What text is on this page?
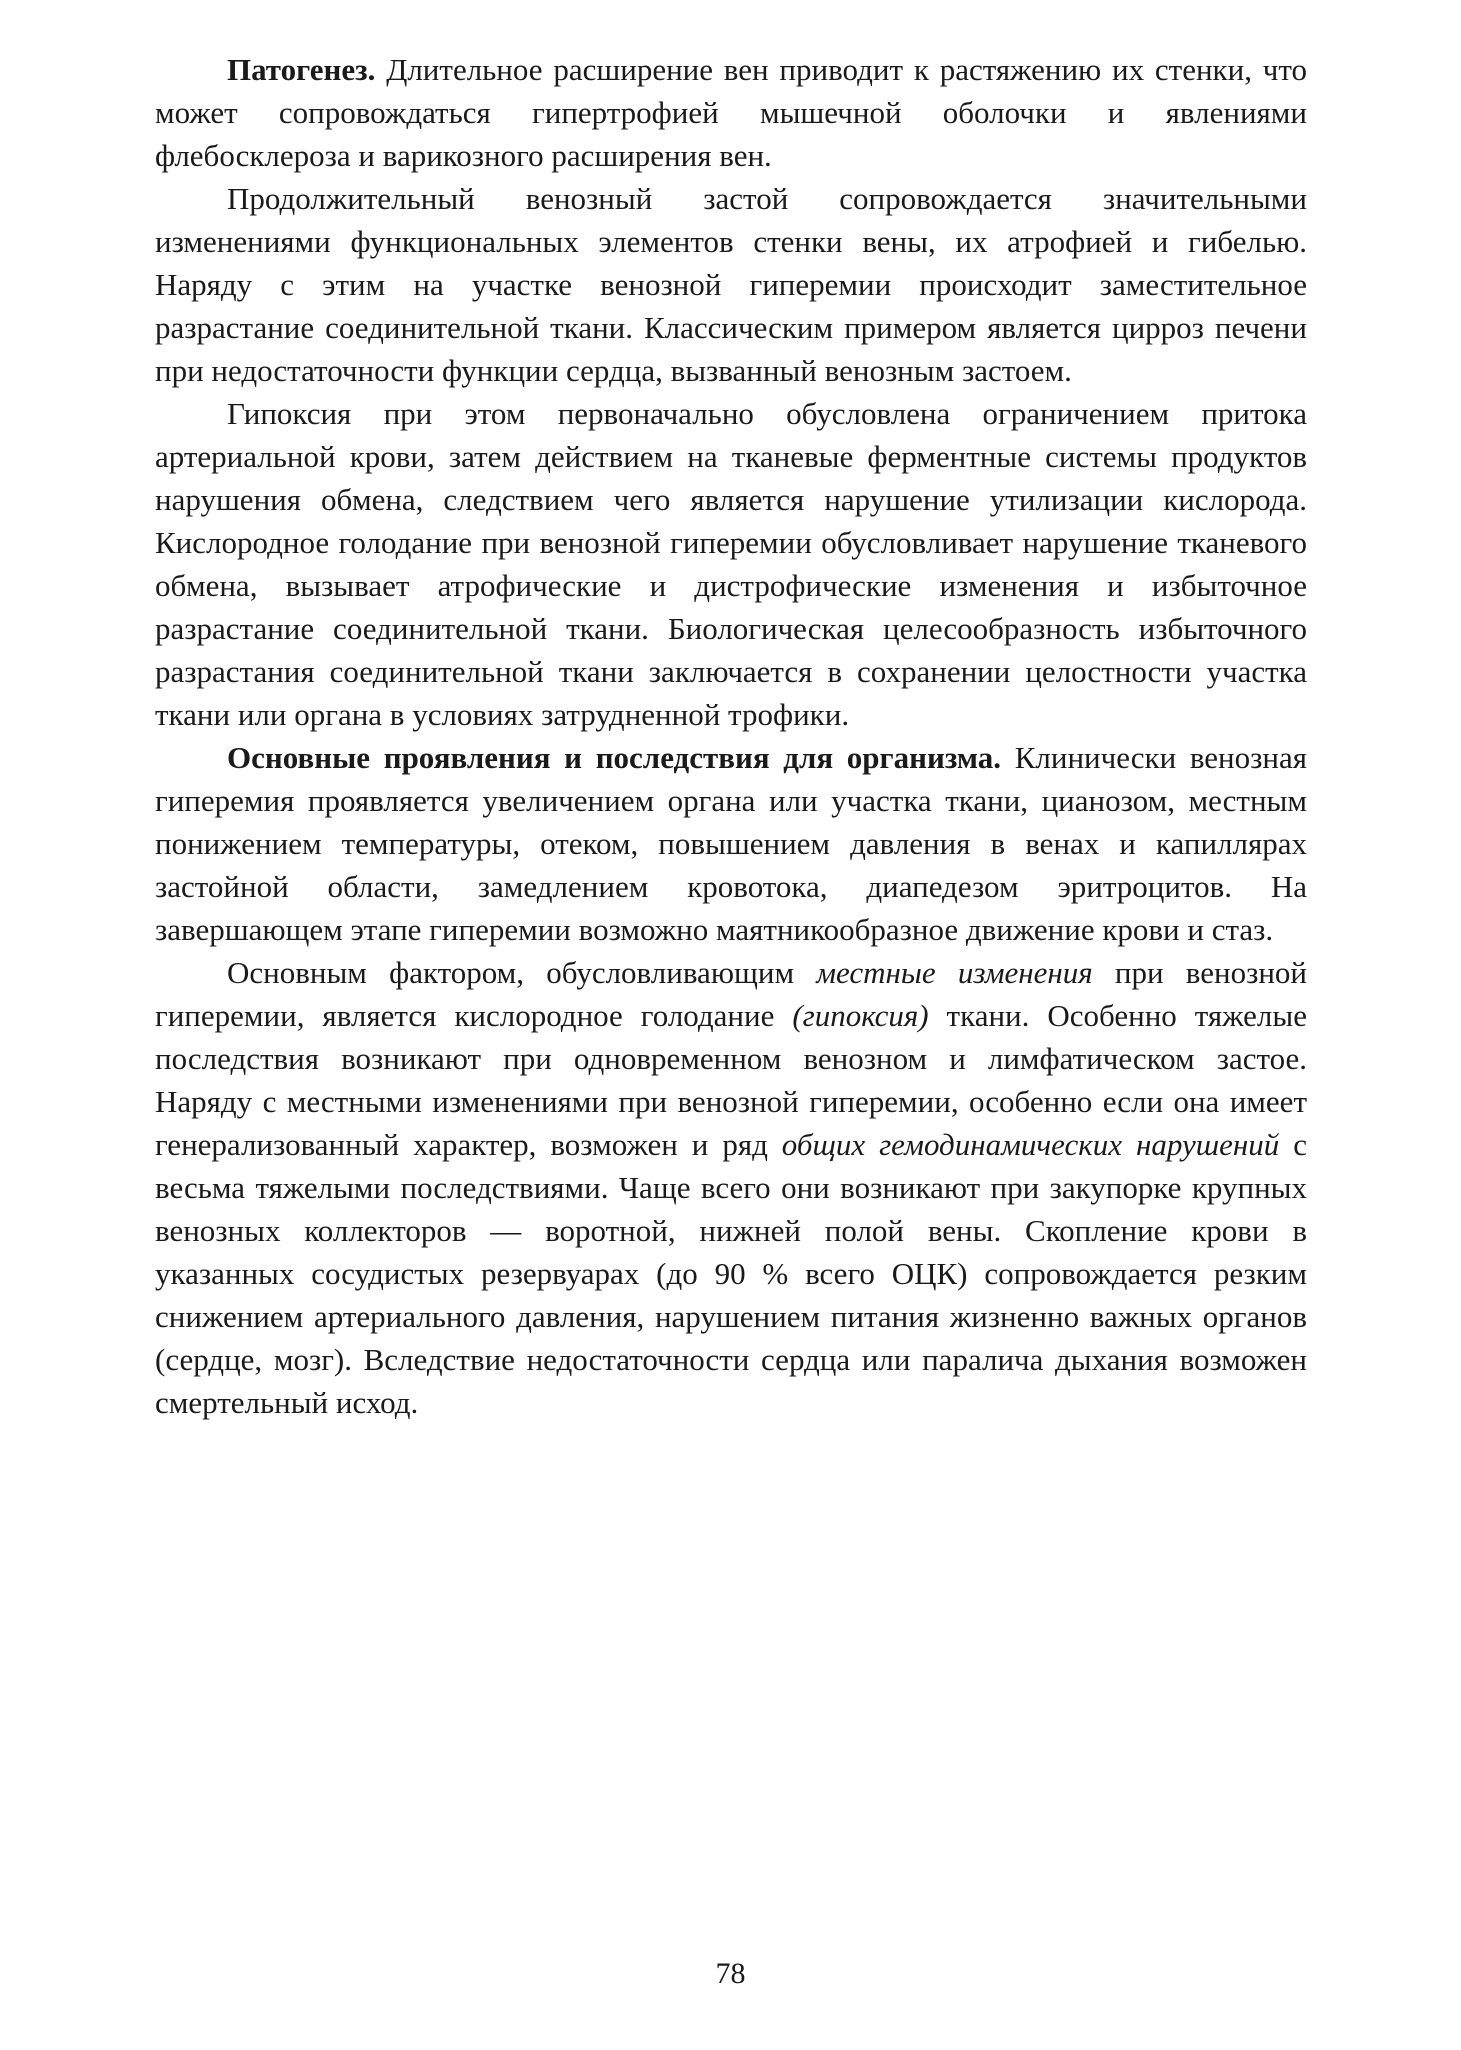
Патогенез. Длительное расширение вен приводит к растяжению их стенки, что может сопровождаться гипертрофией мышечной оболочки и явлениями флебосклероза и варикозного расширения вен.

Продолжительный венозный застой сопровождается значительными изменениями функциональных элементов стенки вены, их атрофией и гибелью. Наряду с этим на участке венозной гиперемии происходит заместительное разрастание соединительной ткани. Классическим примером является цирроз печени при недостаточности функции сердца, вызванный венозным застоем.

Гипоксия при этом первоначально обусловлена ограничением притока артериальной крови, затем действием на тканевые ферментные системы продуктов нарушения обмена, следствием чего является нарушение утилизации кислорода. Кислородное голодание при венозной гиперемии обусловливает нарушение тканевого обмена, вызывает атрофические и дистрофические изменения и избыточное разрастание соединительной ткани. Биологическая целесообразность избыточного разрастания соединительной ткани заключается в сохранении целостности участка ткани или органа в условиях затрудненной трофики.

Основные проявления и последствия для организма. Клинически венозная гиперемия проявляется увеличением органа или участка ткани, цианозом, местным понижением температуры, отеком, повышением давления в венах и капиллярах застойной области, замедлением кровотока, диапедезом эритроцитов. На завершающем этапе гиперемии возможно маятникообразное движение крови и стаз.

Основным фактором, обусловливающим местные изменения при венозной гиперемии, является кислородное голодание (гипоксия) ткани. Особенно тяжелые последствия возникают при одновременном венозном и лимфатическом застое. Наряду с местными изменениями при венозной гиперемии, особенно если она имеет генерализованный характер, возможен и ряд общих гемодинамических нарушений с весьма тяжелыми последствиями. Чаще всего они возникают при закупорке крупных венозных коллекторов — воротной, нижней полой вены. Скопление крови в указанных сосудистых резервуарах (до 90 % всего ОЦК) сопровождается резким снижением артериального давления, нарушением питания жизненно важных органов (сердце, мозг). Вследствие недостаточности сердца или паралича дыхания возможен смертельный исход.

78
